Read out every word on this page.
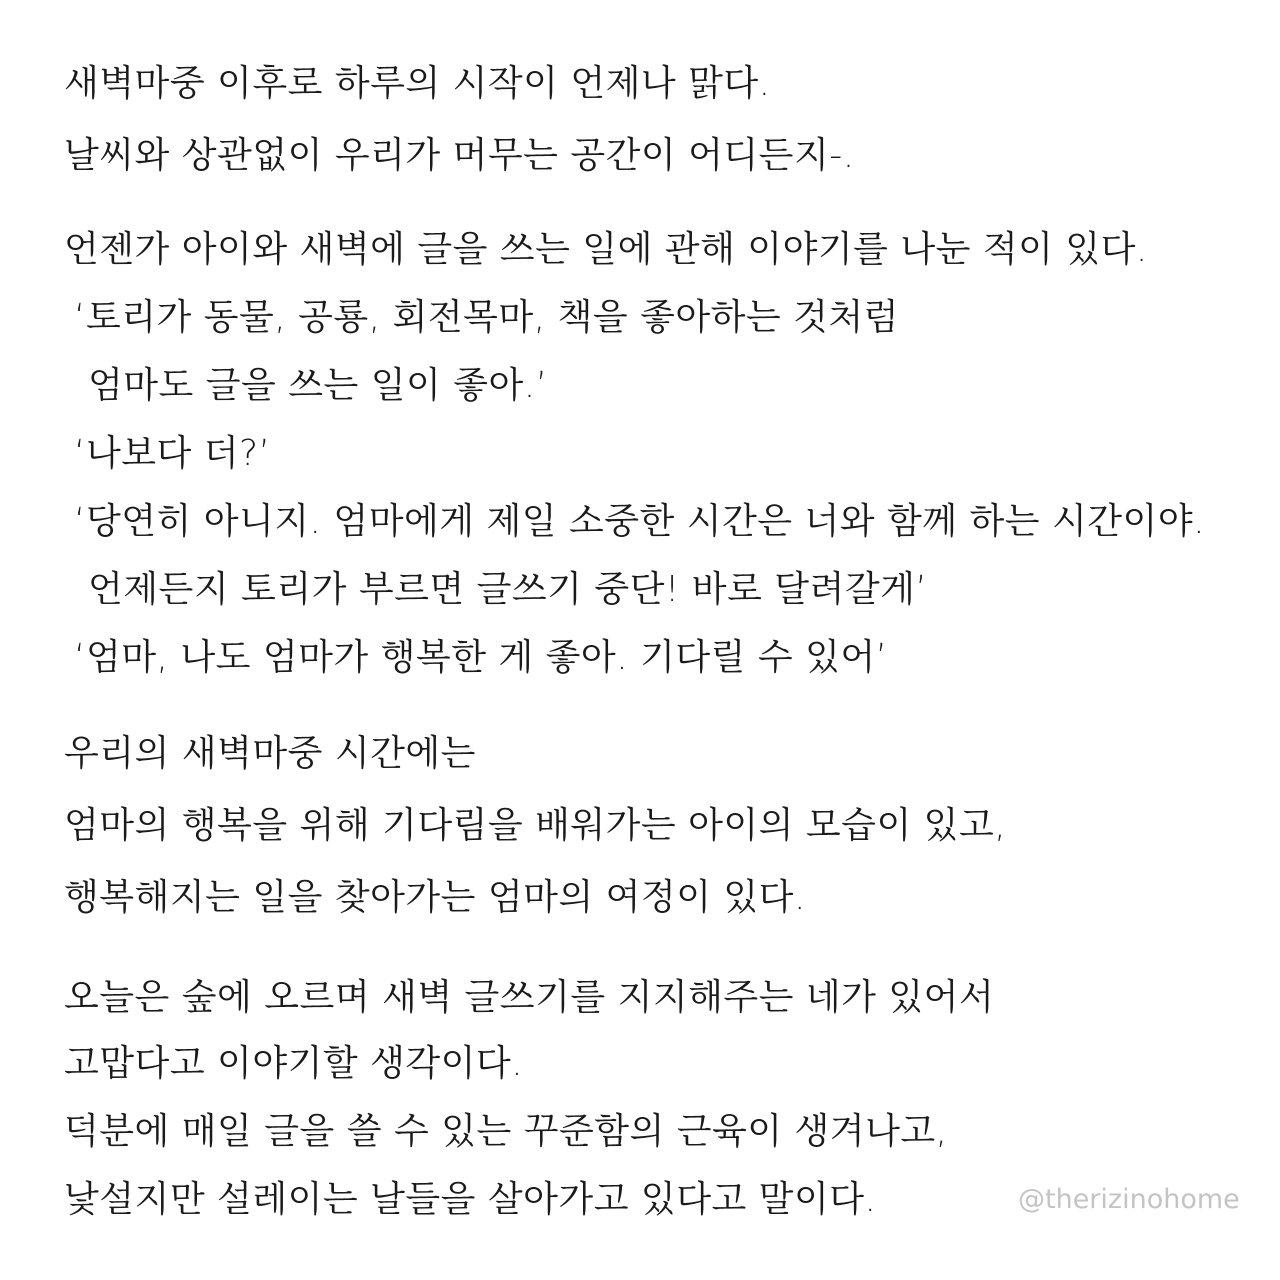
새벽마중 이후로 하루의 시작이 언제나 맑다.
날씨와 상관없이 우리가 머무는 공간이 어디든지-.
언젠가 아이와 새벽에 글을 쓰는 일에 관해 이야기를 나눈 적이 있다.
‘토리가 동물, 공룡, 회전목마, 책을 좋아하는 것처럼
엄마도 글을 쓰는 일이 좋아.’
‘나보다 더?’
‘당연히 아니지. 엄마에게 제일 소중한 시간은 너와 함께 하는 시간이야.
언제든지 토리가 부르면 글쓰기 중단! 바로 달려갈게’
‘엄마, 나도 엄마가 행복한 게 좋아. 기다릴 수 있어’
우리의 새벽마중 시간에는
엄마의 행복을 위해 기다림을 배워가는 아이의 모습이 있고,
행복해지는 일을 찾아가는 엄마의 여정이 있다.
오늘은 숲에 오르며 새벽 글쓰기를 지지해주는 네가 있어서
고맙다고 이야기할 생각이다.
덕분에 매일 글을 쓸 수 있는 꾸준함의 근육이 생겨나고,
낯설지만 설레이는 날들을 살아가고 있다고 말이다.	@therizinohome
